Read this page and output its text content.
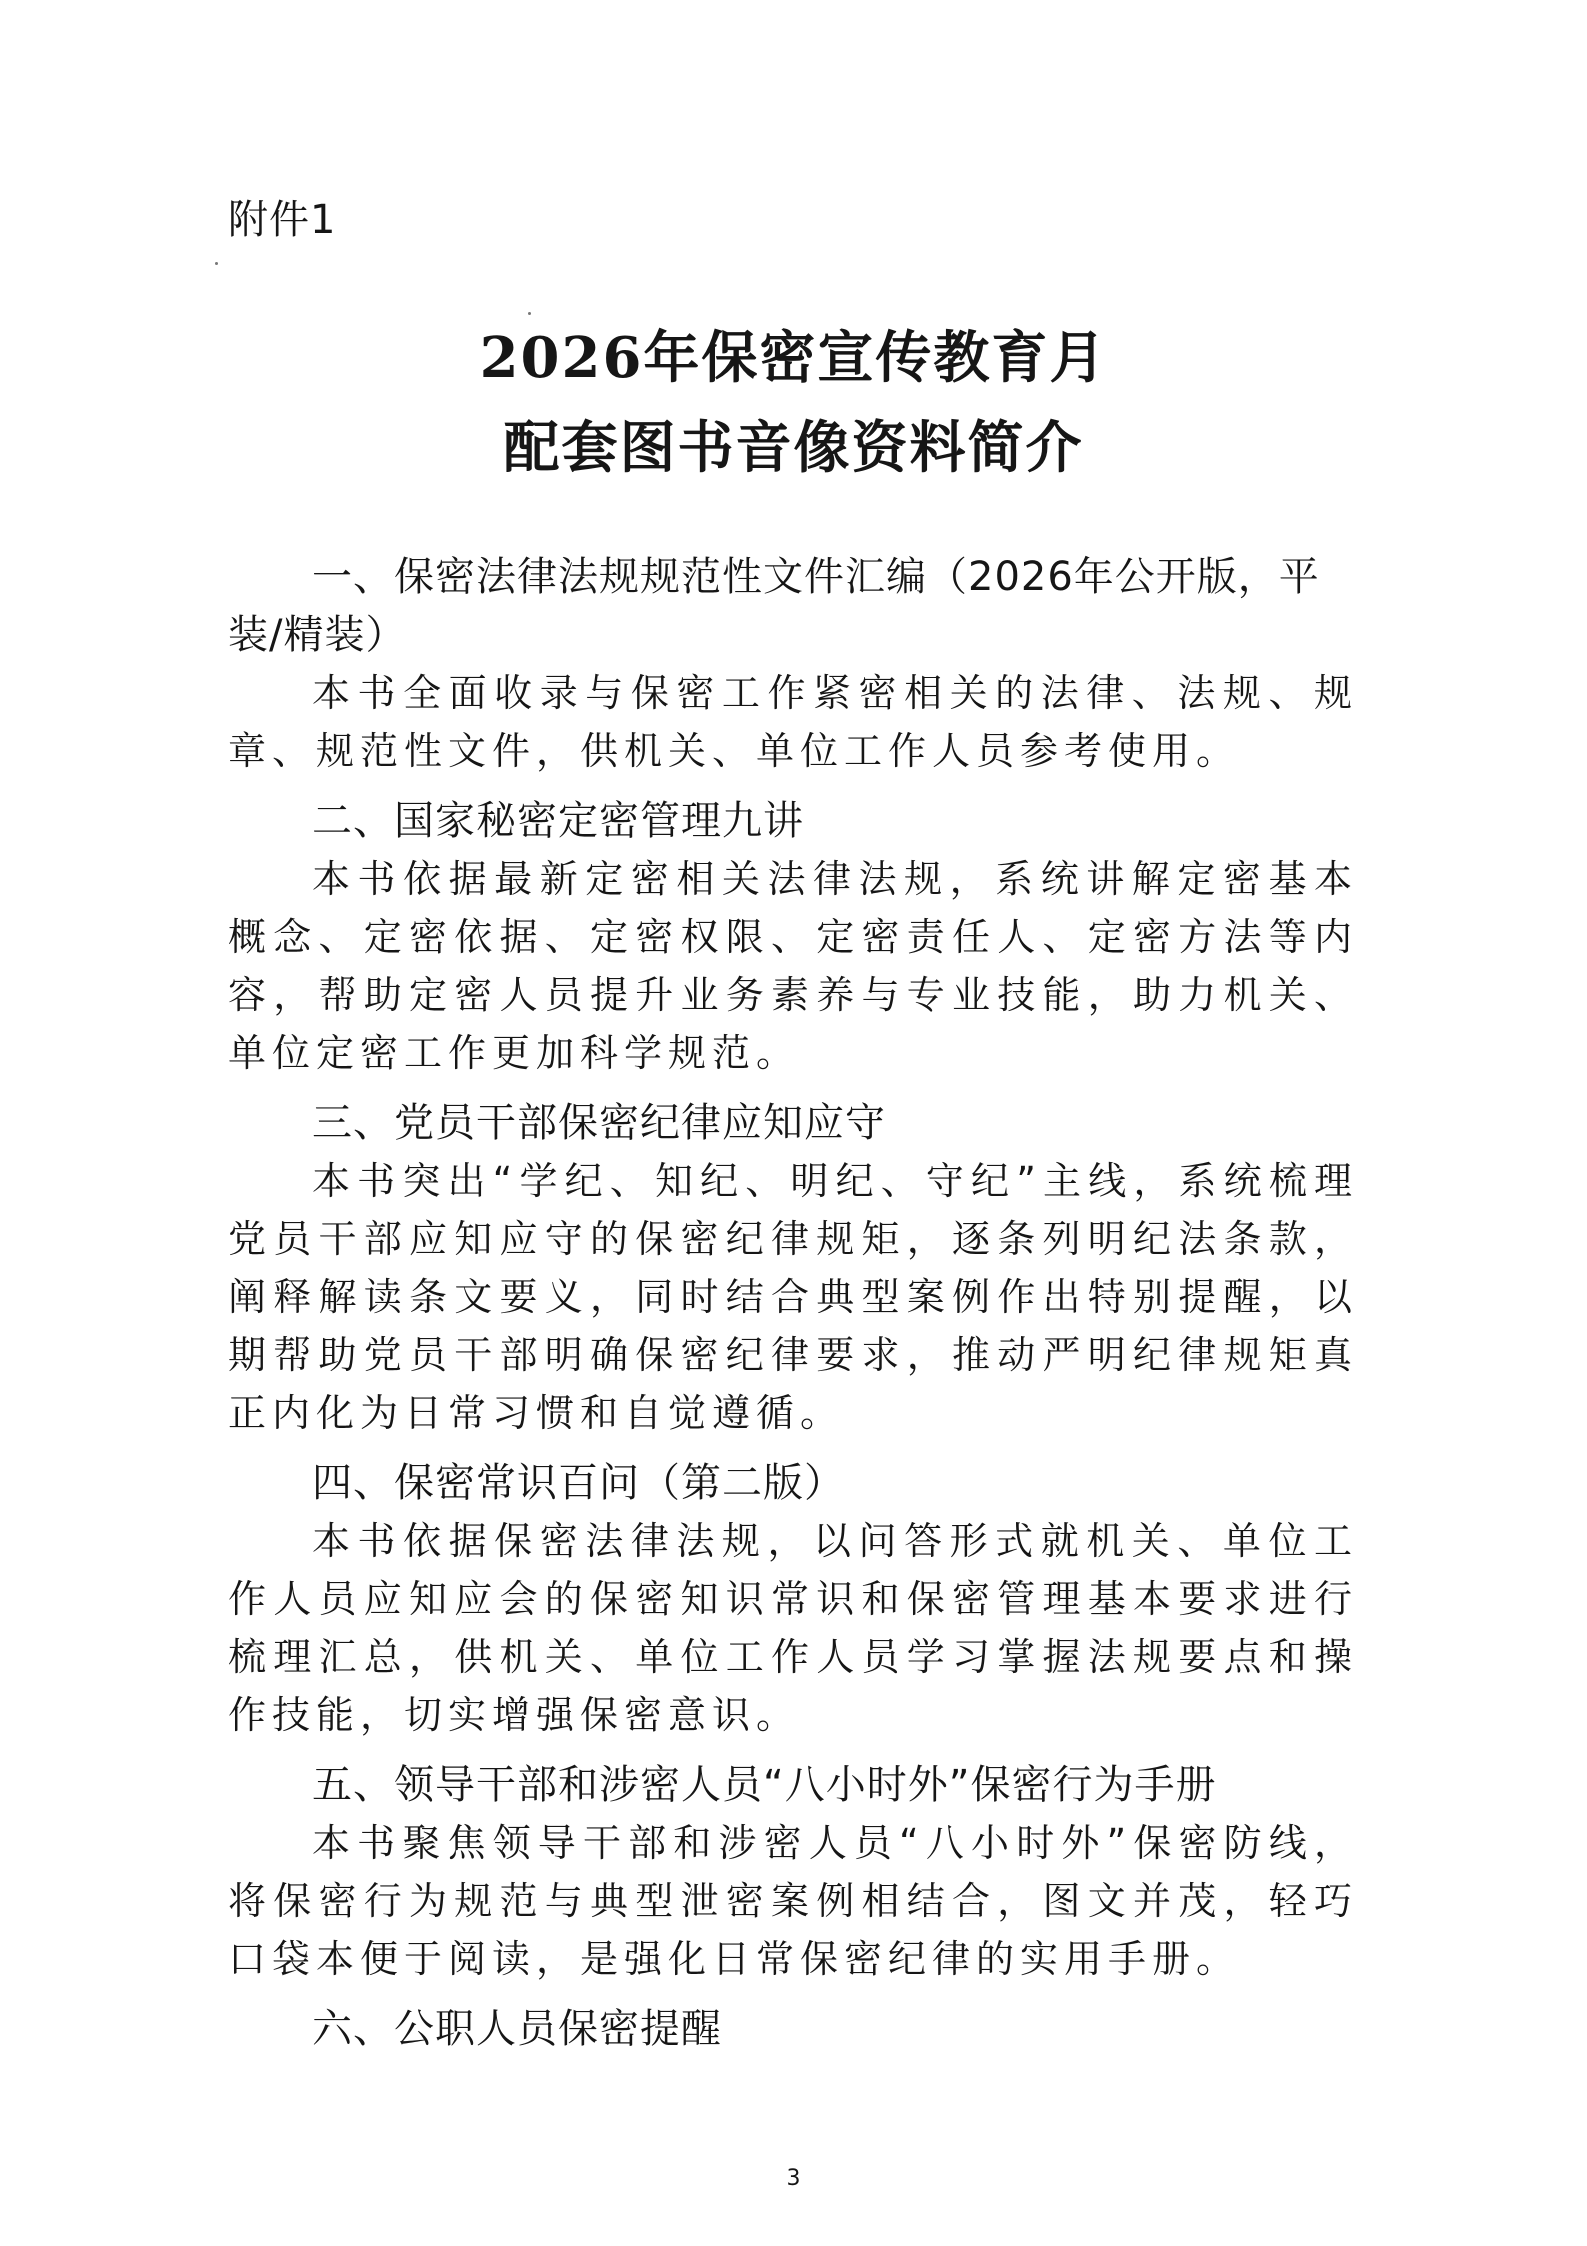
附件1
2026年保密宣传教育月
配套图书音像资料简介

一、保密法律法规规范性文件汇编（2026年公开版，平装/精装）

本书全面收录与保密工作紧密相关的法律、法规、规章、规范性文件，供机关、单位工作人员参考使用。

二、国家秘密定密管理九讲

本书依据最新定密相关法律法规，系统讲解定密基本概念、定密依据、定密权限、定密责任人、定密方法等内容，帮助定密人员提升业务素养与专业技能，助力机关、单位定密工作更加科学规范。

三、党员干部保密纪律应知应守

本书突出“学纪、知纪、明纪、守纪”主线，系统梳理党员干部应知应守的保密纪律规矩，逐条列明纪法条款，阐释解读条文要义，同时结合典型案例作出特别提醒，以期帮助党员干部明确保密纪律要求，推动严明纪律规矩真正内化为日常习惯和自觉遵循。

四、保密常识百问（第二版）

本书依据保密法律法规，以问答形式就机关、单位工作人员应知应会的保密知识常识和保密管理基本要求进行梳理汇总，供机关、单位工作人员学习掌握法规要点和操作技能，切实增强保密意识。

五、领导干部和涉密人员“八小时外”保密行为手册

本书聚焦领导干部和涉密人员“八小时外”保密防线，将保密行为规范与典型泄密案例相结合，图文并茂，轻巧口袋本便于阅读，是强化日常保密纪律的实用手册。

六、公职人员保密提醒

3
